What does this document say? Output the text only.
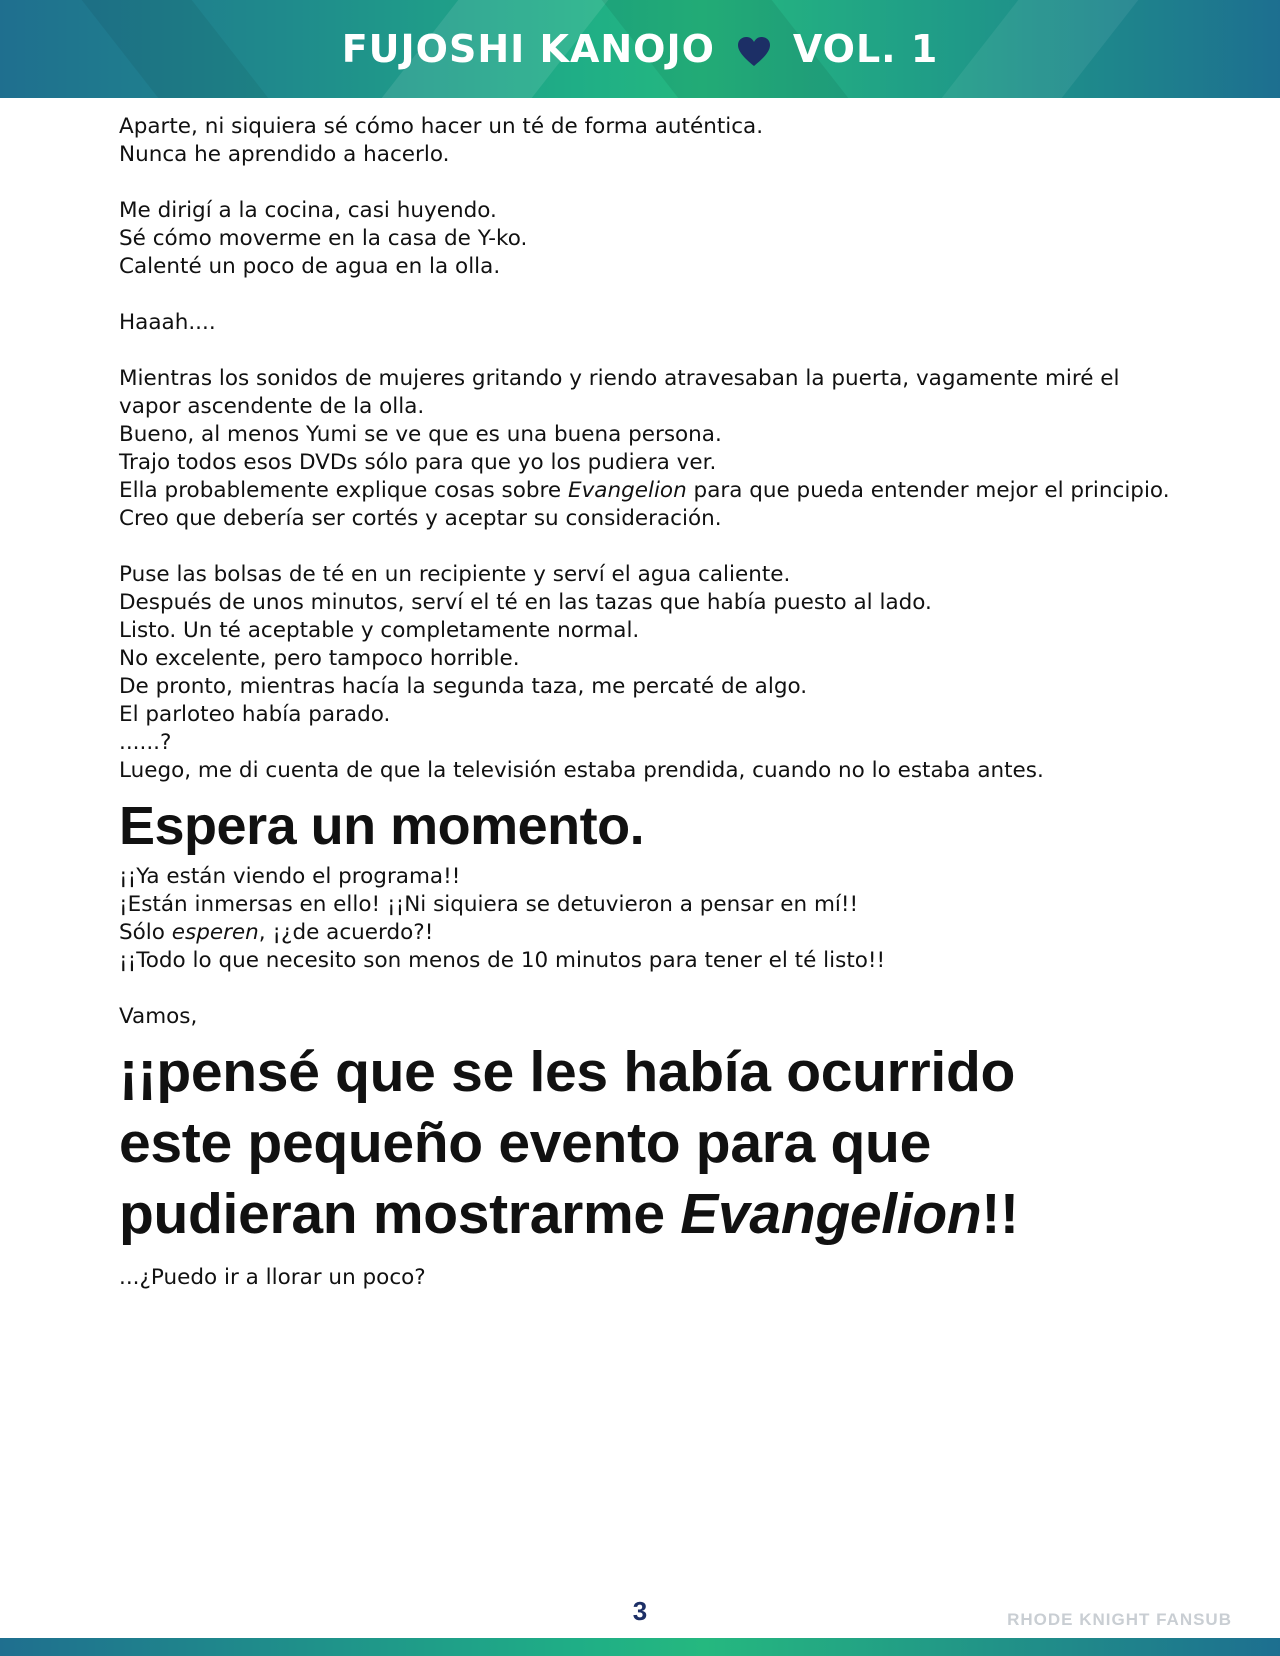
FUJOSHI KANOJO VOL. 1

Aparte, ni siquiera sé cómo hacer un té de forma auténtica.

Nunca he aprendido a hacerlo.

Me dirigí a la cocina, casi huyendo.

Sé cómo moverme en la casa de Y-ko.

Calenté un poco de agua en la olla.

Haaah....

Mientras los sonidos de mujeres gritando y riendo atravesaban la puerta, vagamente miré el vapor ascendente de la olla.

Bueno, al menos Yumi se ve que es una buena persona.

Trajo todos esos DVDs sólo para que yo los pudiera ver.

Ella probablemente explique cosas sobre Evangelion para que pueda entender mejor el principio.

Creo que debería ser cortés y aceptar su consideración.

Puse las bolsas de té en un recipiente y serví el agua caliente.

Después de unos minutos, serví el té en las tazas que había puesto al lado.

Listo. Un té aceptable y completamente normal.

No excelente, pero tampoco horrible.

De pronto, mientras hacía la segunda taza, me percaté de algo.

El parloteo había parado.

......?

Luego, me di cuenta de que la televisión estaba prendida, cuando no lo estaba antes.

Espera un momento.

¡¡Ya están viendo el programa!!

¡Están inmersas en ello! ¡¡Ni siquiera se detuvieron a pensar en mí!!

Sólo esperen, ¡¿de acuerdo?!

¡¡Todo lo que necesito son menos de 10 minutos para tener el té listo!!

Vamos,

¡¡pensé que se les había ocurrido
este pequeño evento para que
pudieran mostrarme Evangelion!!

...¿Puedo ir a llorar un poco?

3	RHODE KNIGHT FANSUB
